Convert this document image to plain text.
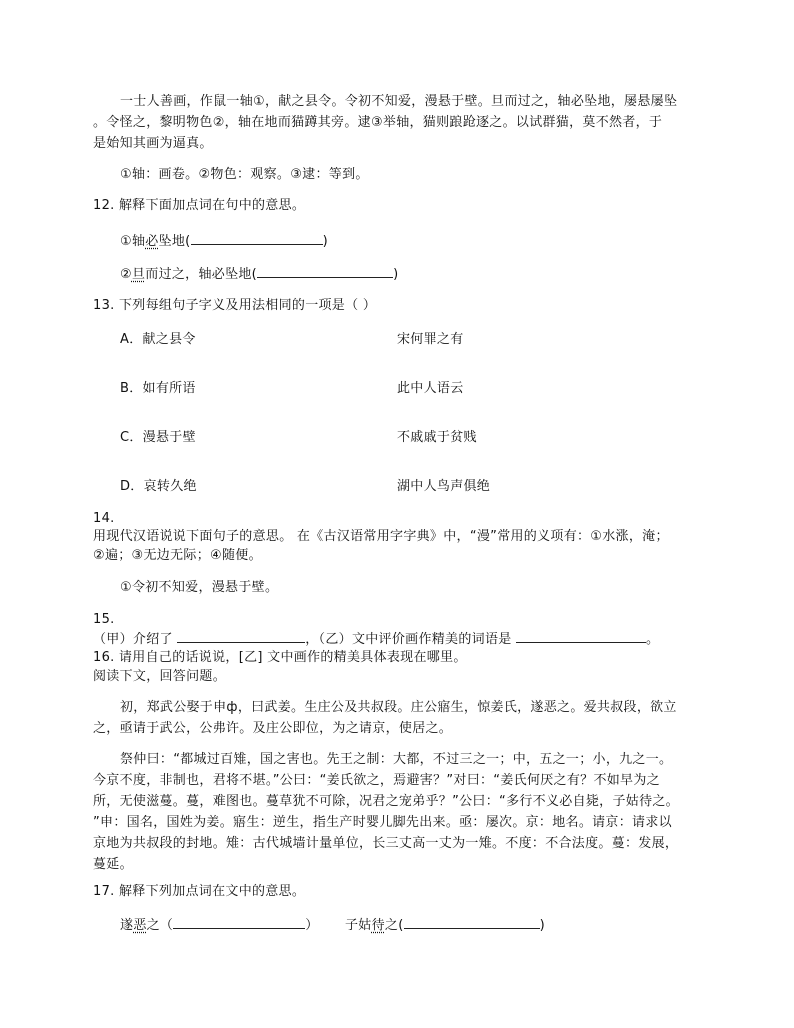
一士人善画，作鼠一轴①，献之县令。令初不知爱，漫悬于壁。旦而过之，轴必坠地，屡悬屡坠
。令怪之，黎明物色②，轴在地而猫蹲其旁。逮③举轴，猫则踉跄逐之。以试群猫，莫不然者，于
是始知其画为逼真。
①轴：画卷。②物色：观察。③逮：等到。
12. 解释下面加点词在句中的意思。
①轴必坠地(	)
②旦而过之，轴必坠地(	)
13. 下列每组句子字义及用法相同的一项是（ ）
A．献之县令	宋何罪之有
B．如有所语	此中人语云
C．漫悬于壁	不戚戚于贫贱
D．哀转久绝	湖中人鸟声俱绝
14.
用现代汉语说说下面句子的意思。 在《古汉语常用字字典》中，“漫”常用的义项有：①水涨，淹；
②遍；③无边无际；④随便。
①令初不知爱，漫悬于壁。
15.
（甲）介绍了	，（乙）文中评价画作精美的词语是	。
16. 请用自己的话说说，[乙] 文中画作的精美具体表现在哪里。
阅读下文，回答问题。
初，郑武公娶于申ф，曰武姜。生庄公及共叔段。庄公寤生，惊姜氏，遂恶之。爱共叔段，欲立
之，亟请于武公，公弗许。及庄公即位，为之请京，使居之。
祭仲曰：“都城过百雉，国之害也。先王之制：大都，不过三之一；中，五之一；小，九之一。
今京不度，非制也，君将不堪。”公曰：“姜氏欲之，焉避害？”对曰：“姜氏何厌之有？不如早为之
所，无使滋蔓。蔓，难图也。蔓草犹不可除，况君之宠弟乎？”公曰：“多行不义必自毙，子姑待之。
”申：国名，国姓为姜。寤生：逆生，指生产时婴儿脚先出来。亟：屡次。京：地名。请京：请求以
京地为共叔段的封地。雉：古代城墙计量单位，长三丈高一丈为一雉。不度：不合法度。蔓：发展，
蔓延。
17. 解释下列加点词在文中的意思。
遂恶之（	） 子姑待之(	)
